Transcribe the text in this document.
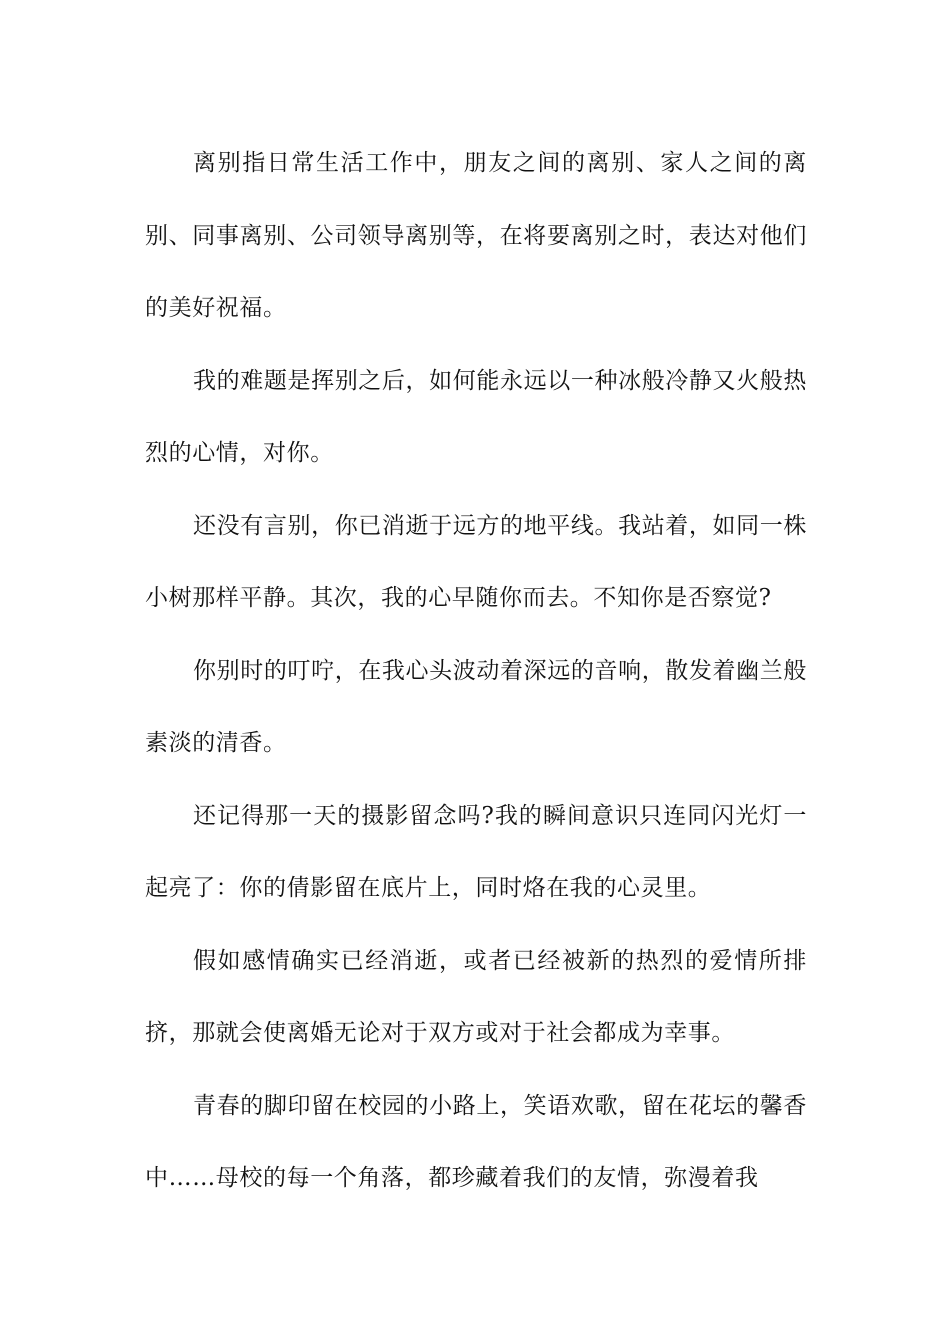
离别指日常生活工作中，朋友之间的离别、家人之间的离别、同事离别、公司领导离别等，在将要离别之时，表达对他们的美好祝福。

我的难题是挥别之后，如何能永远以一种冰般冷静又火般热烈的心情，对你。

还没有言别，你已消逝于远方的地平线。我站着，如同一株小树那样平静。其次，我的心早随你而去。不知你是否察觉?

你别时的叮咛，在我心头波动着深远的音响，散发着幽兰般素淡的清香。

还记得那一天的摄影留念吗?我的瞬间意识只连同闪光灯一起亮了：你的倩影留在底片上，同时烙在我的心灵里。

假如感情确实已经消逝，或者已经被新的热烈的爱情所排挤，那就会使离婚无论对于双方或对于社会都成为幸事。

青春的脚印留在校园的小路上，笑语欢歌，留在花坛的馨香中……母校的每一个角落，都珍藏着我们的友情，弥漫着我
